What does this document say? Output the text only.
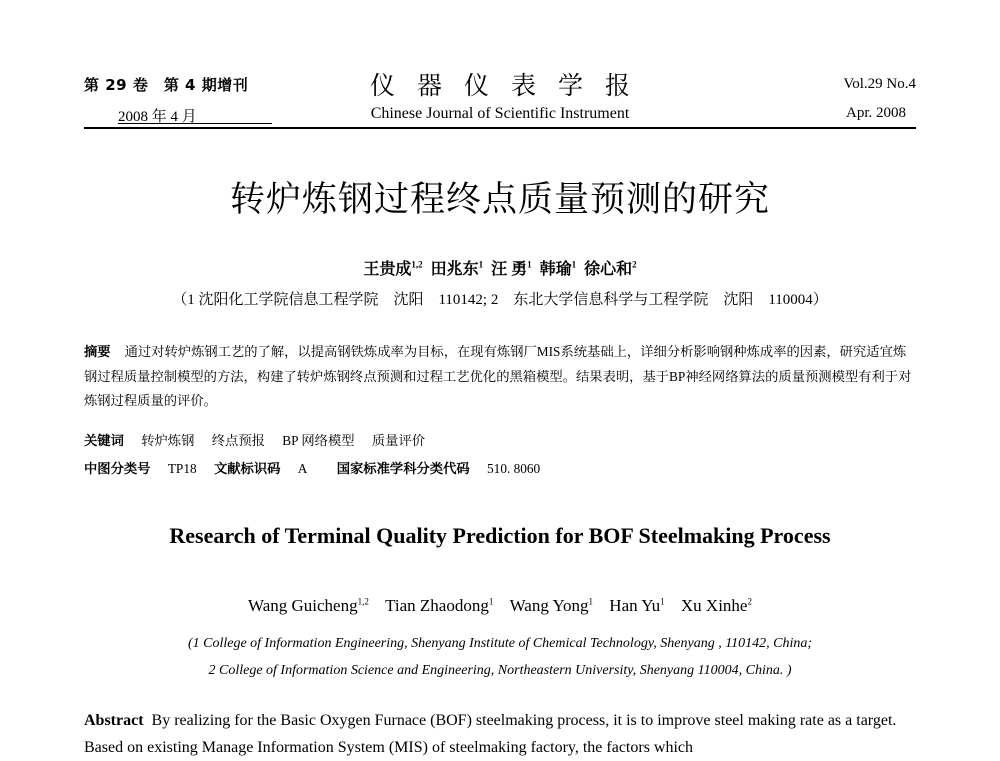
第 29 卷　第 4 期增刊
2008 年 4 月
仪器仪表学报
Chinese Journal of Scientific Instrument
Vol.29 No.4
Apr. 2008
转炉炼钢过程终点质量预测的研究
王贵成$^{1,2}$ 田兆东$^1$ 汪 勇$^1$ 韩瑜$^1$ 徐心和$^2$
（1 沈阳化工学院信息工程学院　沈阳　110142; 2　东北大学信息科学与工程学院　沈阳　110004）
摘要 通过对转炉炼钢工艺的了解，以提高钢铁炼成率为目标，在现有炼钢厂MIS系统基础上，详细分析影响钢种炼成率的因素，研究适宜炼钢过程质量控制模型的方法，构建了转炉炼钢终点预测和过程工艺优化的黑箱模型。结果表明，基于BP神经网络算法的质量预测模型有利于对炼钢过程质量的评价。
关键词 转炉炼钢 终点预报 BP 网络模型 质量评价
中图分类号 TP18 文献标识码 A 国家标准学科分类代码 510. 8060
Research of Terminal Quality Prediction for BOF Steelmaking Process
Wang Guicheng$^{1,2}$ Tian Zhaodong$^1$ Wang Yong$^1$ Han Yu$^1$ Xu Xinhe$^2$
(1 College of Information Engineering, Shenyang Institute of Chemical Technology, Shenyang , 110142, China;
2 College of Information Science and Engineering, Northeastern University, Shenyang 110004, China. )
Abstract By realizing for the Basic Oxygen Furnace (BOF) steelmaking process, it is to improve steel making rate as a target. Based on existing Manage Information System (MIS) of steelmaking factory, the factors which
